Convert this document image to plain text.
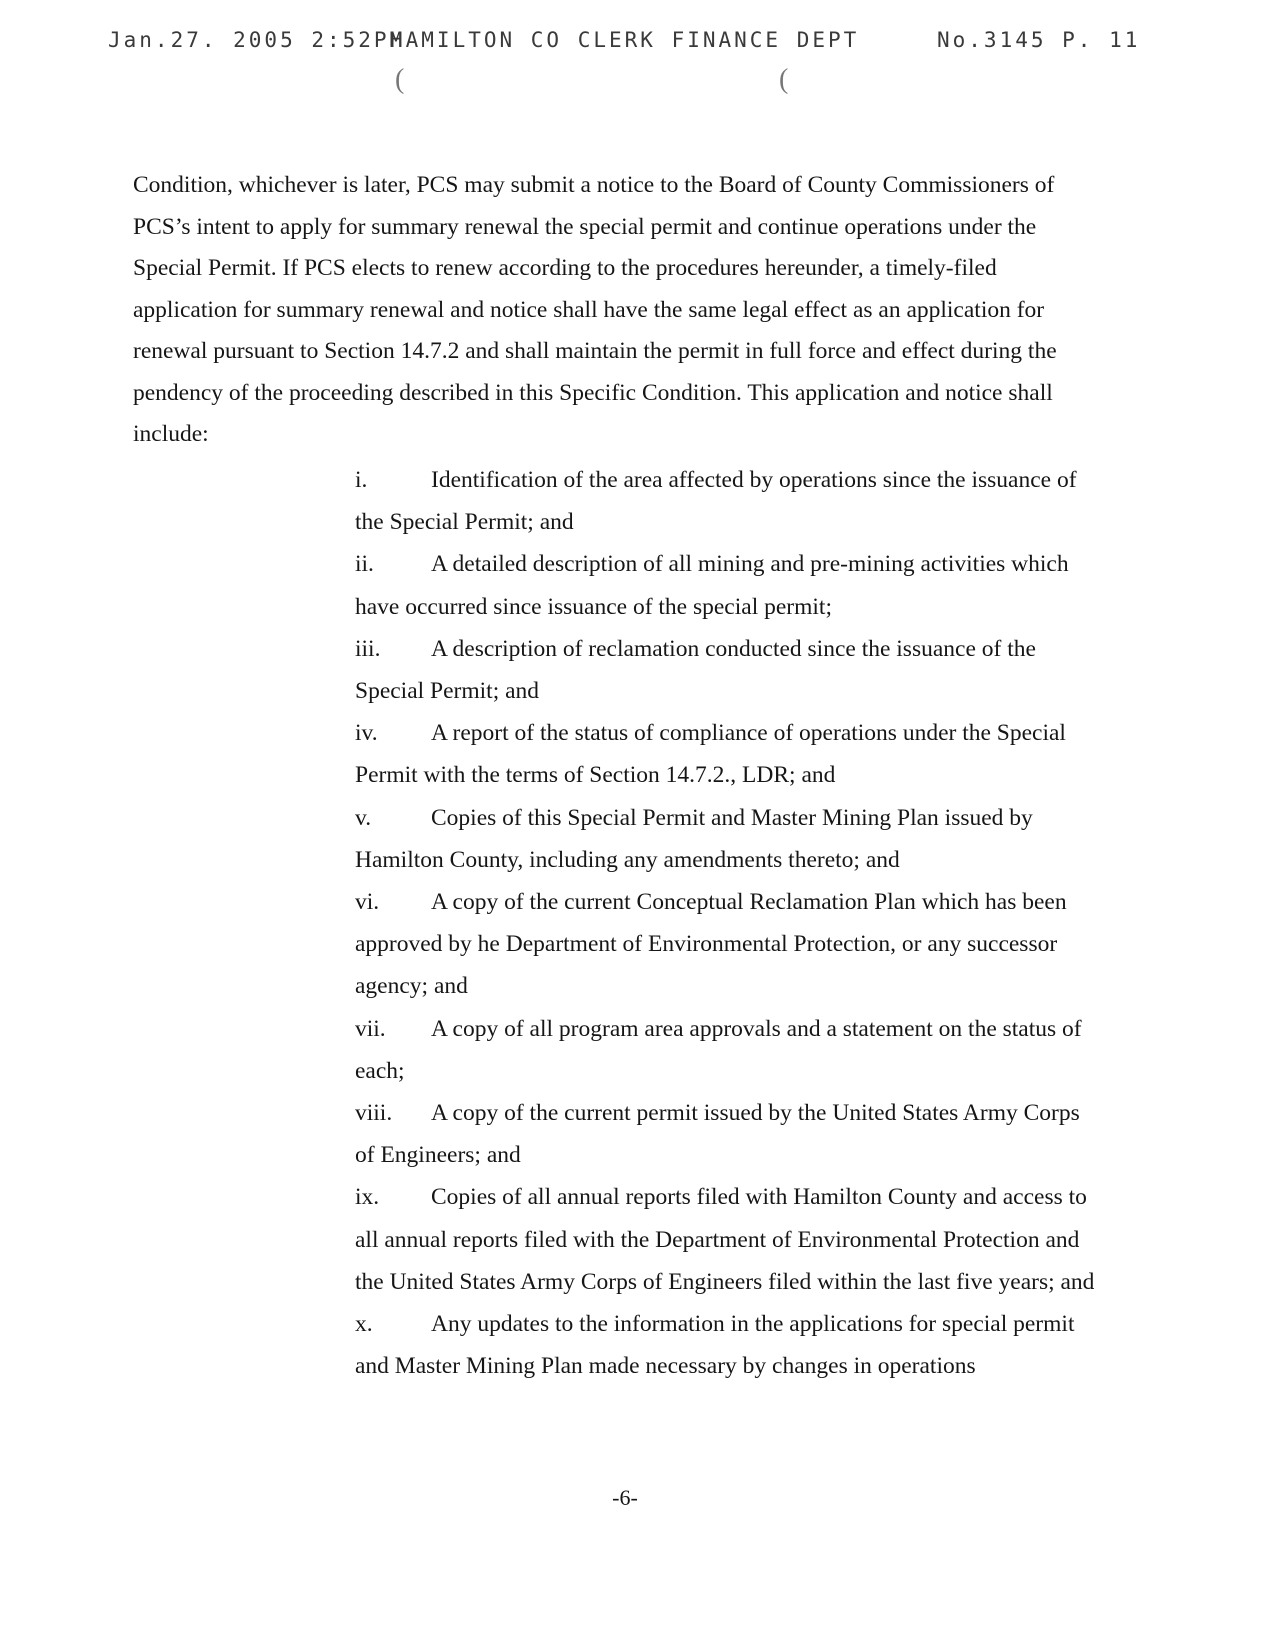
Jan.27. 2005 2:52PM
HAMILTON CO CLERK FINANCE DEPT	No.3145 P. 11
(	(

Condition, whichever is later, PCS may submit a notice to the Board of County Commissioners of PCS’s intent to apply for summary renewal the special permit and continue operations under the Special Permit. If PCS elects to renew according to the procedures hereunder, a timely-filed application for summary renewal and notice shall have the same legal effect as an application for renewal pursuant to Section 14.7.2 and shall maintain the permit in full force and effect during the pendency of the proceeding described in this Specific Condition. This application and notice shall include:

i.	Identification of the area affected by operations since the issuance of the Special Permit; and
ii. A detailed description of all mining and pre-mining activities which have occurred since issuance of the special permit;
iii. A description of reclamation conducted since the issuance of the Special Permit; and
iv. A report of the status of compliance of operations under the Special Permit with the terms of Section 14.7.2., LDR; and
v.	Copies of this Special Permit and Master Mining Plan issued by Hamilton County, including any amendments thereto; and
vi. A copy of the current Conceptual Reclamation Plan which has been approved by he Department of Environmental Protection, or any successor agency; and
vii. A copy of all program area approvals and a statement on the status of each;
viii. A copy of the current permit issued by the United States Army Corps of Engineers; and
ix. Copies of all annual reports filed with Hamilton County and access to all annual reports filed with the Department of Environmental Protection and the United States Army Corps of Engineers filed within the last five years; and
x. Any updates to the information in the applications for special permit and Master Mining Plan made necessary by changes in operations
-6-
